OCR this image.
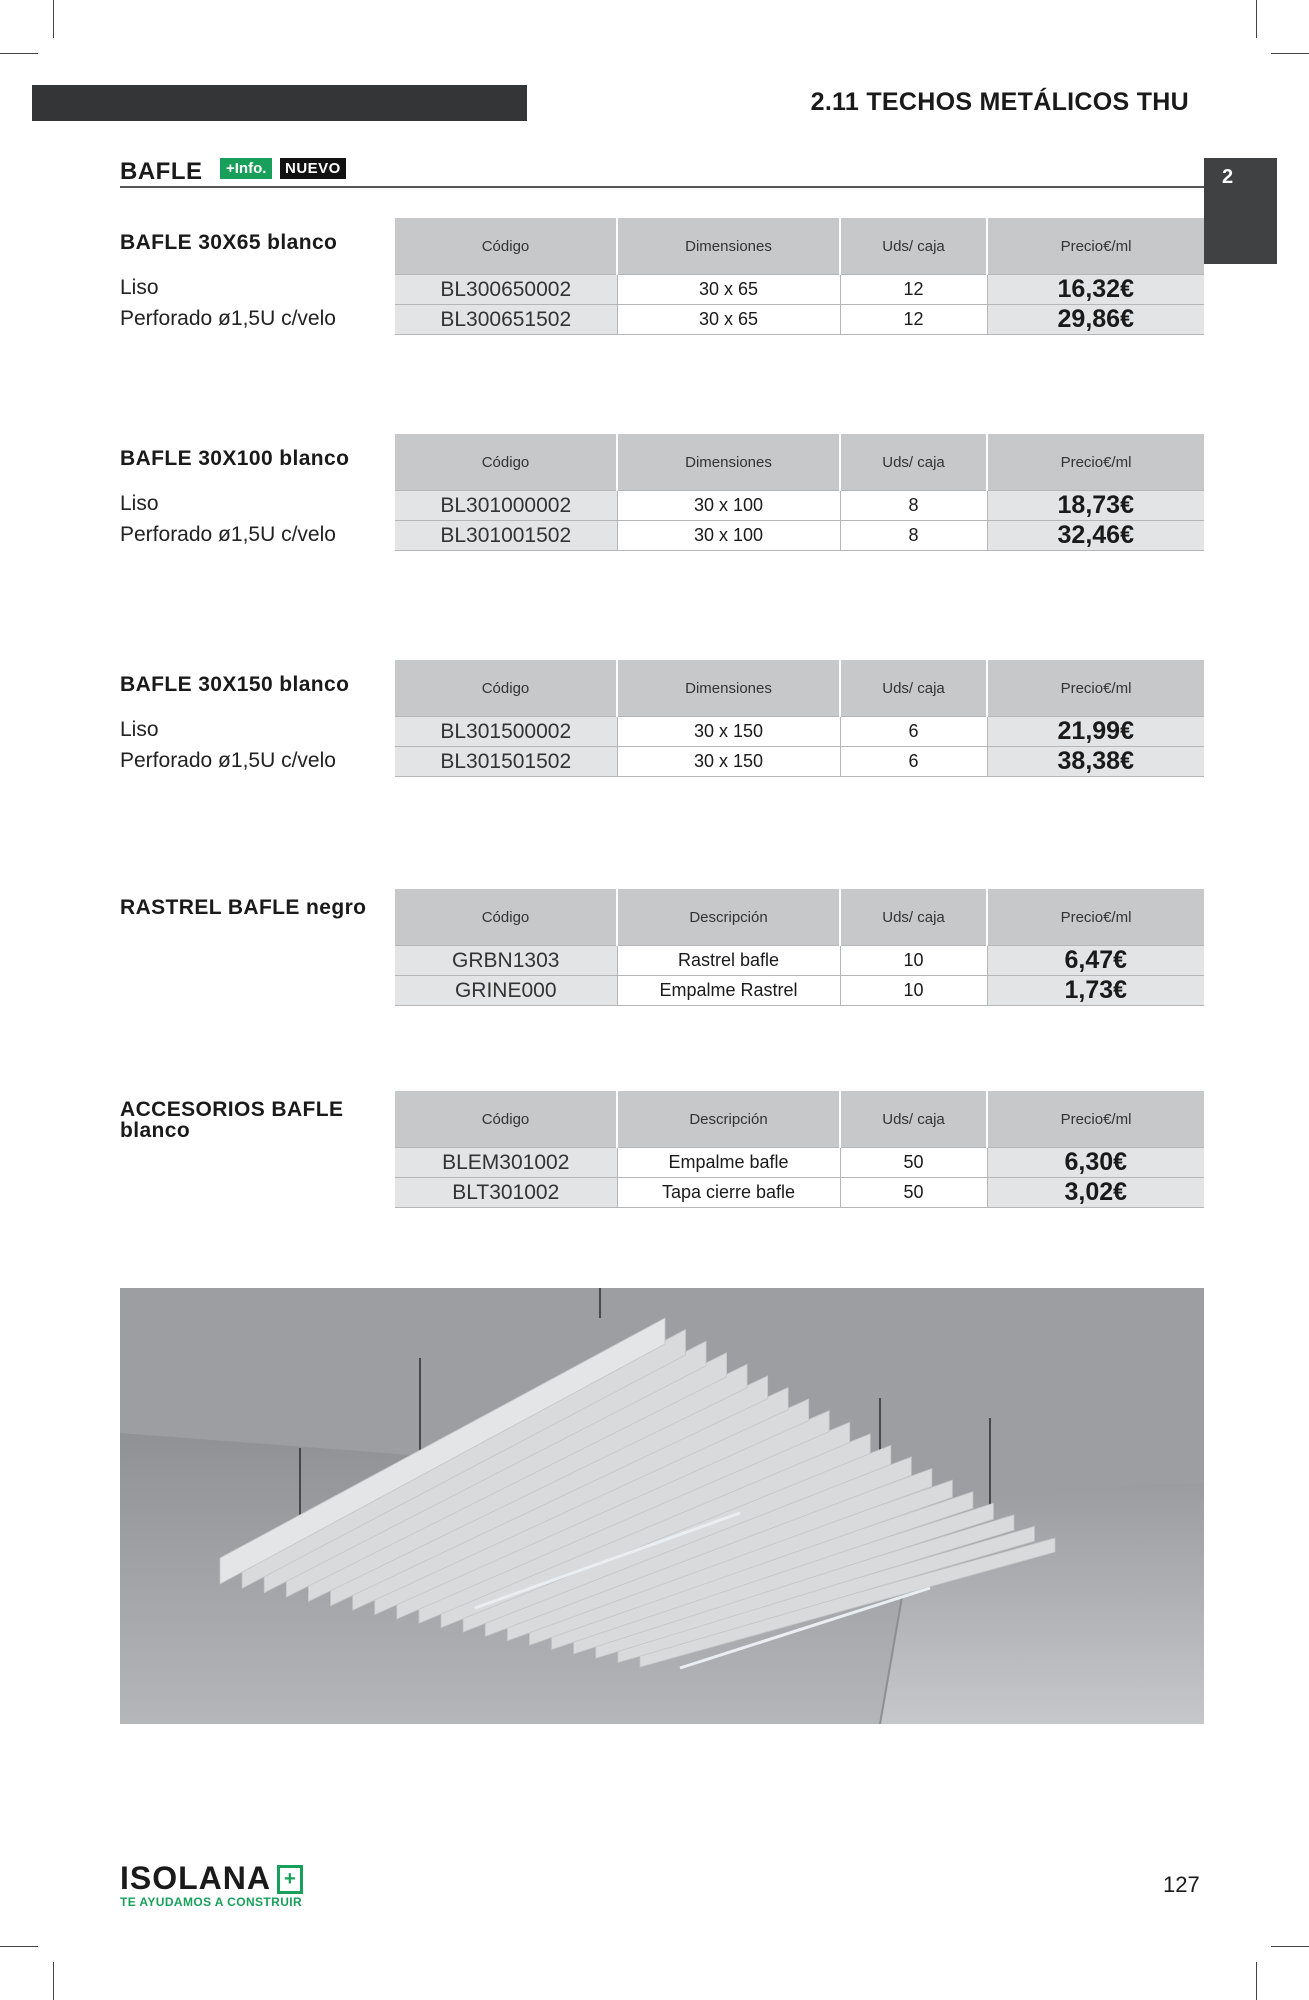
2.11 TECHOS METÁLICOS THU
2
BAFLE	+Info.	NUEVO
BAFLE 30X65 blanco
Liso
Perforado ø1,5U c/velo
Código	Dimensiones	Uds/ caja	Precio€/ml
BL300650002	30 x 65	12	16,32€
BL300651502	30 x 65	12	29,86€
BAFLE 30X100 blanco
Liso
Perforado ø1,5U c/velo
Código	Dimensiones	Uds/ caja	Precio€/ml
BL301000002	30 x 100	8	18,73€
BL301001502	30 x 100	8	32,46€
BAFLE 30X150 blanco
Liso
Perforado ø1,5U c/velo
Código	Dimensiones	Uds/ caja	Precio€/ml
BL301500002	30 x 150	6	21,99€
BL301501502	30 x 150	6	38,38€
RASTREL BAFLE negro	Código	Descripción	Uds/ caja	Precio€/ml
GRBN1303	Rastrel bafle	10	6,47€
GRINE000	Empalme Rastrel	10	1,73€
ACCESORIOS BAFLE blanco	Código	Descripción	Uds/ caja	Precio€/ml
BLEM301002	Empalme bafle	50	6,30€
BLT301002	Tapa cierre bafle	50	3,02€
ISOLANA +
TE AYUDAMOS A CONSTRUIR
127
